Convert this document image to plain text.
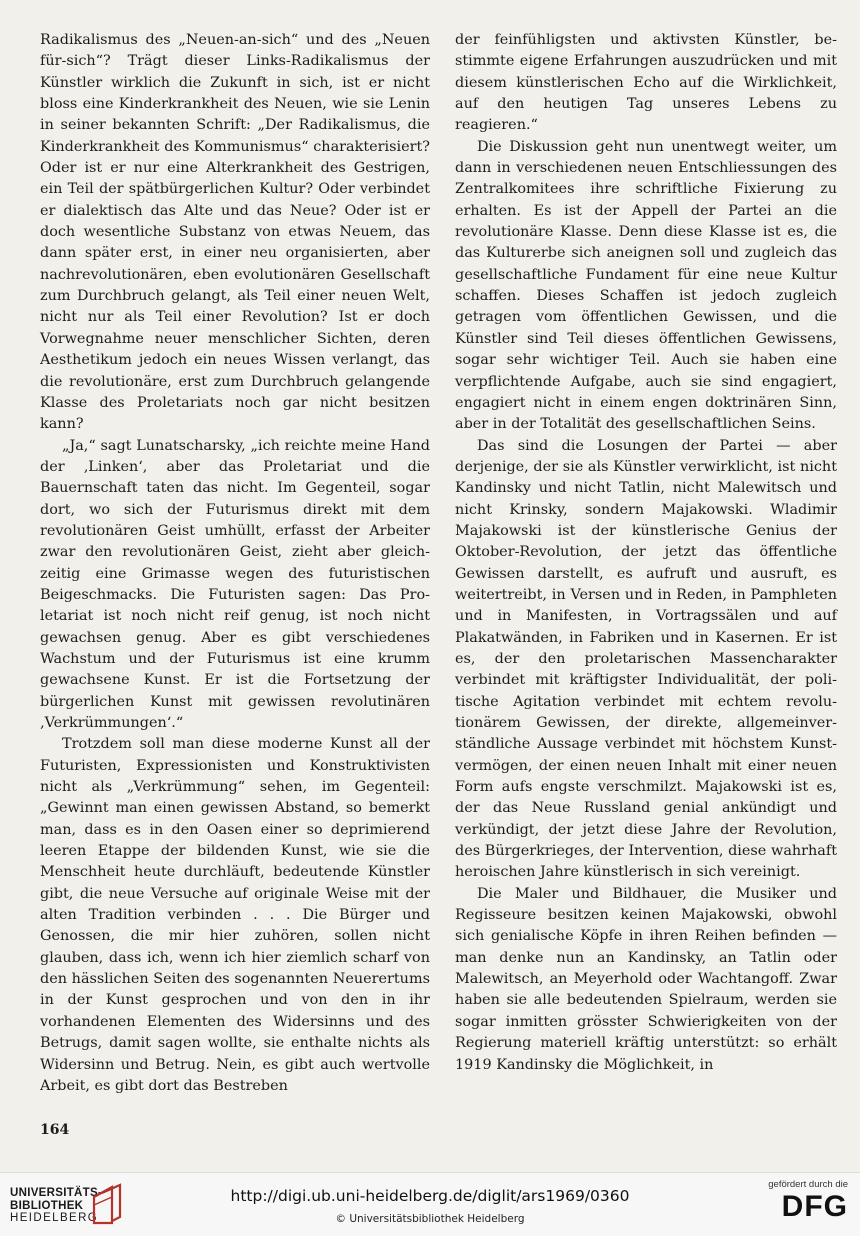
Radikalismus des „Neuen-an-sich“ und des „Neuen für-sich“? Trägt dieser Links-Radikalismus der Künstler wirklich die Zukunft in sich, ist er nicht bloss eine Kinderkrankheit des Neuen, wie sie Lenin in seiner bekannten Schrift: „Der Radikalismus, die Kinderkrankheit des Kommunismus“ charakterisiert? Oder ist er nur eine Alterkrankheit des Gestrigen, ein Teil der spätbürgerlichen Kultur? Oder verbindet er dialektisch das Alte und das Neue? Oder ist er doch wesentliche Substanz von etwas Neuem, das dann später erst, in einer neu organisierten, aber nachrevolutionären, eben evolutionären Gesellschaft zum Durchbruch gelangt, als Teil einer neuen Welt, nicht nur als Teil einer Revolution? Ist er doch Vorwegnahme neuer menschlicher Sichten, deren Aesthetikum jedoch ein neues Wissen verlangt, das die revolutionäre, erst zum Durchbruch gelangende Klasse des Proletariats noch gar nicht besitzen kann?

„Ja,“ sagt Lunatscharsky, „ich reichte meine Hand der ‚Linken‘, aber das Proletariat und die Bauernschaft taten das nicht. Im Gegenteil, sogar dort, wo sich der Futurismus direkt mit dem revolutionären Geist umhüllt, erfasst der Arbeiter zwar den revolutionären Geist, zieht aber gleichzeitig eine Grimasse wegen des futuristischen Beigeschmacks. Die Futuristen sagen: Das Proletariat ist noch nicht reif genug, ist noch nicht gewachsen genug. Aber es gibt verschiedenes Wachstum und der Futurismus ist eine krumm gewachsene Kunst. Er ist die Fortsetzung der bürgerlichen Kunst mit gewissen revolutinären ‚Verkrümmungen‘.“

Trotzdem soll man diese moderne Kunst all der Futuristen, Expressionisten und Konstruktivisten nicht als „Verkrümmung“ sehen, im Gegenteil: „Gewinnt man einen gewissen Abstand, so bemerkt man, dass es in den Oasen einer so deprimierend leeren Etappe der bildenden Kunst, wie sie die Menschheit heute durchläuft, bedeutende Künstler gibt, die neue Versuche auf originale Weise mit der alten Tradition verbinden . . . Die Bürger und Genossen, die mir hier zuhören, sollen nicht glauben, dass ich, wenn ich hier ziemlich scharf von den hässlichen Seiten des sogenannten Neuerertums in der Kunst gesprochen und von den in ihr vorhandenen Elementen des Widersinns und des Betrugs, damit sagen wollte, sie enthalte nichts als Widersinn und Betrug. Nein, es gibt auch wertvolle Arbeit, es gibt dort das Bestreben

der feinfühligsten und aktivsten Künstler, bestimmte eigene Erfahrungen auszudrücken und mit diesem künstlerischen Echo auf die Wirklichkeit, auf den heutigen Tag unseres Lebens zu reagieren.“

Die Diskussion geht nun unentwegt weiter, um dann in verschiedenen neuen Entschliessungen des Zentralkomitees ihre schriftliche Fixierung zu erhalten. Es ist der Appell der Partei an die revolutionäre Klasse. Denn diese Klasse ist es, die das Kulturerbe sich aneignen soll und zugleich das gesellschaftliche Fundament für eine neue Kultur schaffen. Dieses Schaffen ist jedoch zugleich getragen vom öffentlichen Gewissen, und die Künstler sind Teil dieses öffentlichen Gewissens, sogar sehr wichtiger Teil. Auch sie haben eine verpflichtende Aufgabe, auch sie sind engagiert, engagiert nicht in einem engen doktrinären Sinn, aber in der Totalität des gesellschaftlichen Seins.

Das sind die Losungen der Partei — aber derjenige, der sie als Künstler verwirklicht, ist nicht Kandinsky und nicht Tatlin, nicht Malewitsch und nicht Krinsky, sondern Majakowski. Wladimir Majakowski ist der künstlerische Genius der Oktober-Revolution, der jetzt das öffentliche Gewissen darstellt, es aufruft und ausruft, es weitertreibt, in Versen und in Reden, in Pamphleten und in Manifesten, in Vortragssälen und auf Plakatwänden, in Fabriken und in Kasernen. Er ist es, der den proletarischen Massencharakter verbindet mit kräftigster Individualität, der politische Agitation verbindet mit echtem revolutionärem Gewissen, der direkte, allgemeinverständliche Aussage verbindet mit höchstem Kunstvermögen, der einen neuen Inhalt mit einer neuen Form aufs engste verschmilzt. Majakowski ist es, der das Neue Russland genial ankündigt und verkündigt, der jetzt diese Jahre der Revolution, des Bürgerkrieges, der Intervention, diese wahrhaft heroischen Jahre künstlerisch in sich vereinigt.

Die Maler und Bildhauer, die Musiker und Regisseure besitzen keinen Majakowski, obwohl sich genialische Köpfe in ihren Reihen befinden — man denke nun an Kandinsky, an Tatlin oder Malewitsch, an Meyerhold oder Wachtangoff. Zwar haben sie alle bedeutenden Spielraum, werden sie sogar inmitten grösster Schwierigkeiten von der Regierung materiell kräftig unterstützt: so erhält 1919 Kandinsky die Möglichkeit, in

164
UNIVERSITÄTS-
BIBLIOTHEK
HEIDELBERG
http://digi.ub.uni-heidelberg.de/diglit/ars1969/0360
© Universitätsbibliothek Heidelberg
gefördert durch die
DFG
